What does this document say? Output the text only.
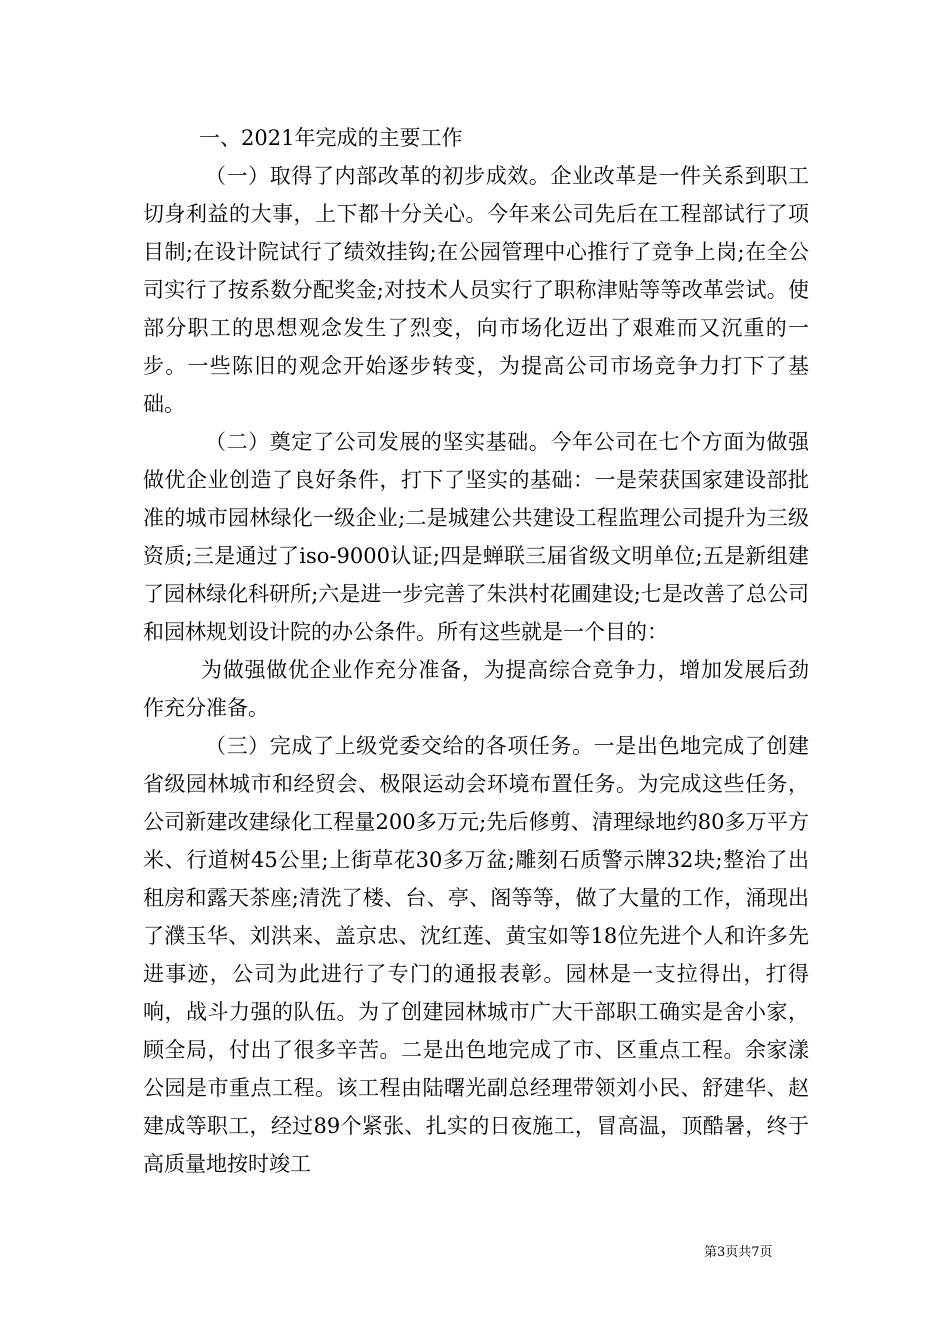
一、2021年完成的主要工作

（一）取得了内部改革的初步成效。企业改革是一件关系到职工切身利益的大事，上下都十分关心。今年来公司先后在工程部试行了项目制;在设计院试行了绩效挂钩;在公园管理中心推行了竞争上岗;在全公司实行了按系数分配奖金;对技术人员实行了职称津贴等等改革尝试。使部分职工的思想观念发生了烈变，向市场化迈出了艰难而又沉重的一步。一些陈旧的观念开始逐步转变，为提高公司市场竞争力打下了基础。

（二）奠定了公司发展的坚实基础。今年公司在七个方面为做强做优企业创造了良好条件，打下了坚实的基础：一是荣获国家建设部批准的城市园林绿化一级企业;二是城建公共建设工程监理公司提升为三级资质;三是通过了iso-9000认证;四是蝉联三届省级文明单位;五是新组建了园林绿化科研所;六是进一步完善了朱洪村花圃建设;七是改善了总公司和园林规划设计院的办公条件。所有这些就是一个目的：

为做强做优企业作充分准备，为提高综合竞争力，增加发展后劲作充分准备。

（三）完成了上级党委交给的各项任务。一是出色地完成了创建省级园林城市和经贸会、极限运动会环境布置任务。为完成这些任务，公司新建改建绿化工程量200多万元;先后修剪、清理绿地约80多万平方米、行道树45公里;上街草花30多万盆;雕刻石质警示牌32块;整治了出租房和露天茶座;清洗了楼、台、亭、阁等等，做了大量的工作，涌现出了濮玉华、刘洪来、盖京忠、沈红莲、黄宝如等18位先进个人和许多先进事迹，公司为此进行了专门的通报表彰。园林是一支拉得出，打得响，战斗力强的队伍。为了创建园林城市广大干部职工确实是舍小家，顾全局，付出了很多辛苦。二是出色地完成了市、区重点工程。余家漾公园是市重点工程。该工程由陆曙光副总经理带领刘小民、舒建华、赵建成等职工，经过89个紧张、扎实的日夜施工，冒高温，顶酷暑，终于高质量地按时竣工

第3页共7页
